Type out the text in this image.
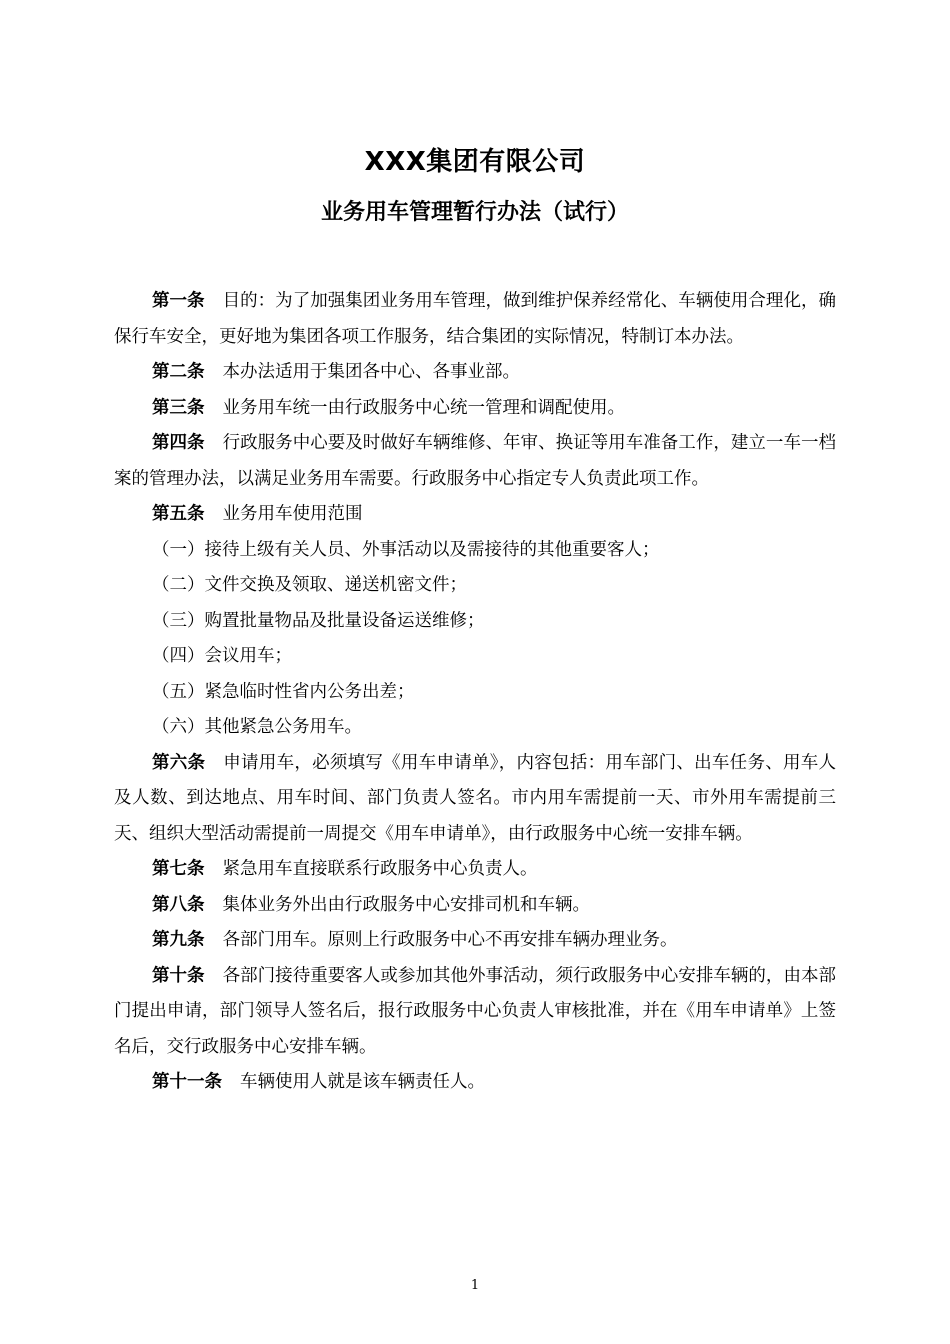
XXX集团有限公司
业务用车管理暂行办法（试行）

第一条 目的：为了加强集团业务用车管理，做到维护保养经常化、车辆使用合理化，确保行车安全，更好地为集团各项工作服务，结合集团的实际情况，特制订本办法。

第二条 本办法适用于集团各中心、各事业部。

第三条 业务用车统一由行政服务中心统一管理和调配使用。

第四条 行政服务中心要及时做好车辆维修、年审、换证等用车准备工作，建立一车一档案的管理办法，以满足业务用车需要。行政服务中心指定专人负责此项工作。

第五条 业务用车使用范围

（一）接待上级有关人员、外事活动以及需接待的其他重要客人；

（二）文件交换及领取、递送机密文件；

（三）购置批量物品及批量设备运送维修；

（四）会议用车；

（五）紧急临时性省内公务出差；

（六）其他紧急公务用车。

第六条 申请用车，必须填写《用车申请单》，内容包括：用车部门、出车任务、用车人及人数、到达地点、用车时间、部门负责人签名。市内用车需提前一天、市外用车需提前三天、组织大型活动需提前一周提交《用车申请单》，由行政服务中心统一安排车辆。

第七条 紧急用车直接联系行政服务中心负责人。

第八条 集体业务外出由行政服务中心安排司机和车辆。

第九条 各部门用车。原则上行政服务中心不再安排车辆办理业务。

第十条 各部门接待重要客人或参加其他外事活动，须行政服务中心安排车辆的，由本部门提出申请，部门领导人签名后，报行政服务中心负责人审核批准，并在《用车申请单》上签名后，交行政服务中心安排车辆。

第十一条 车辆使用人就是该车辆责任人。

1
